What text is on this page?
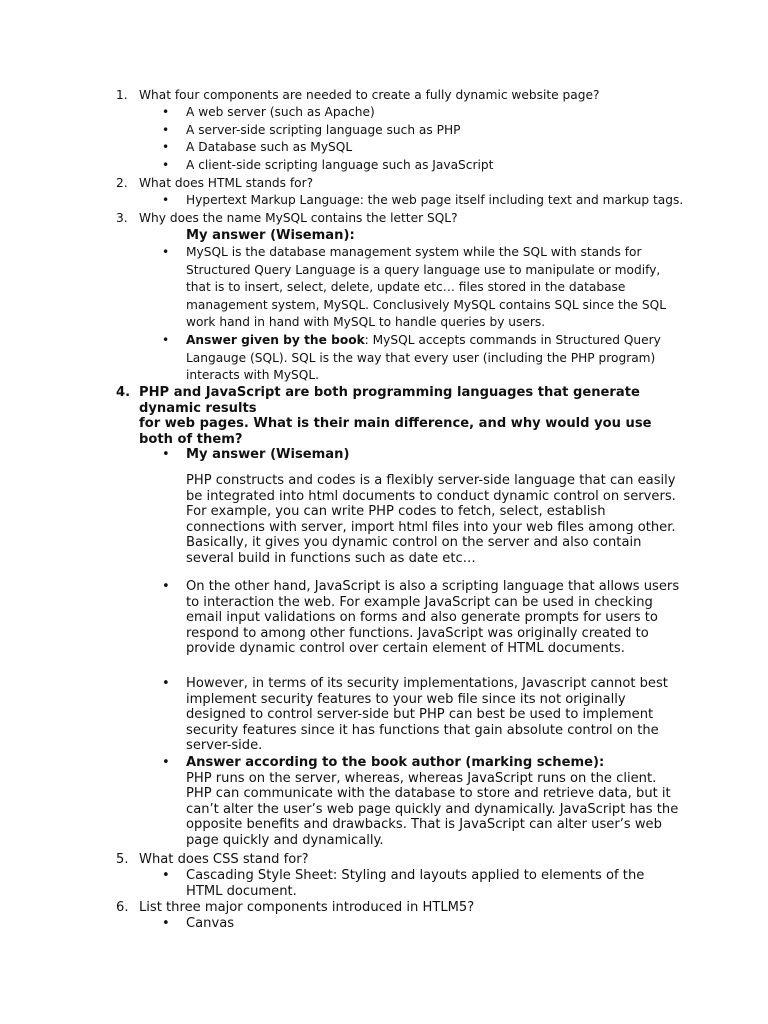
1. What four components are needed to create a fully dynamic website page?
• A web server (such as Apache)
• A server-side scripting language such as PHP
• A Database such as MySQL
• A client-side scripting language such as JavaScript
2. What does HTML stands for?
• Hypertext Markup Language: the web page itself including text and markup tags.
3. Why does the name MySQL contains the letter SQL?
My answer (Wiseman):
• MySQL is the database management system while the SQL with stands for Structured Query Language is a query language use to manipulate or modify, that is to insert, select, delete, update etc… files stored in the database management system, MySQL. Conclusively MySQL contains SQL since the SQL work hand in hand with MySQL to handle queries by users.
• Answer given by the book: MySQL accepts commands in Structured Query Langauge (SQL). SQL is the way that every user (including the PHP program) interacts with MySQL.
4. PHP and JavaScript are both programming languages that generate
dynamic results
for web pages. What is their main difference, and why would you use
both of them?
• My answer (Wiseman)
PHP constructs and codes is a flexibly server-side language that can easily be integrated into html documents to conduct dynamic control on servers. For example, you can write PHP codes to fetch, select, establish connections with server, import html files into your web files among other. Basically, it gives you dynamic control on the server and also contain several build in functions such as date etc…
• On the other hand, JavaScript is also a scripting language that allows users to interaction the web. For example JavaScript can be used in checking email input validations on forms and also generate prompts for users to respond to among other functions. JavaScript was originally created to provide dynamic control over certain element of HTML documents.
• However, in terms of its security implementations, Javascript cannot best implement security features to your web file since its not originally designed to control server-side but PHP can best be used to implement security features since it has functions that gain absolute control on the server-side.
• Answer according to the book author (marking scheme):
PHP runs on the server, whereas, whereas JavaScript runs on the client. PHP can communicate with the database to store and retrieve data, but it can’t alter the user’s web page quickly and dynamically. JavaScript has the opposite benefits and drawbacks. That is JavaScript can alter user’s web page quickly and dynamically.
5. What does CSS stand for?
• Cascading Style Sheet: Styling and layouts applied to elements of the HTML document.
6. List three major components introduced in HTLM5?
• Canvas
